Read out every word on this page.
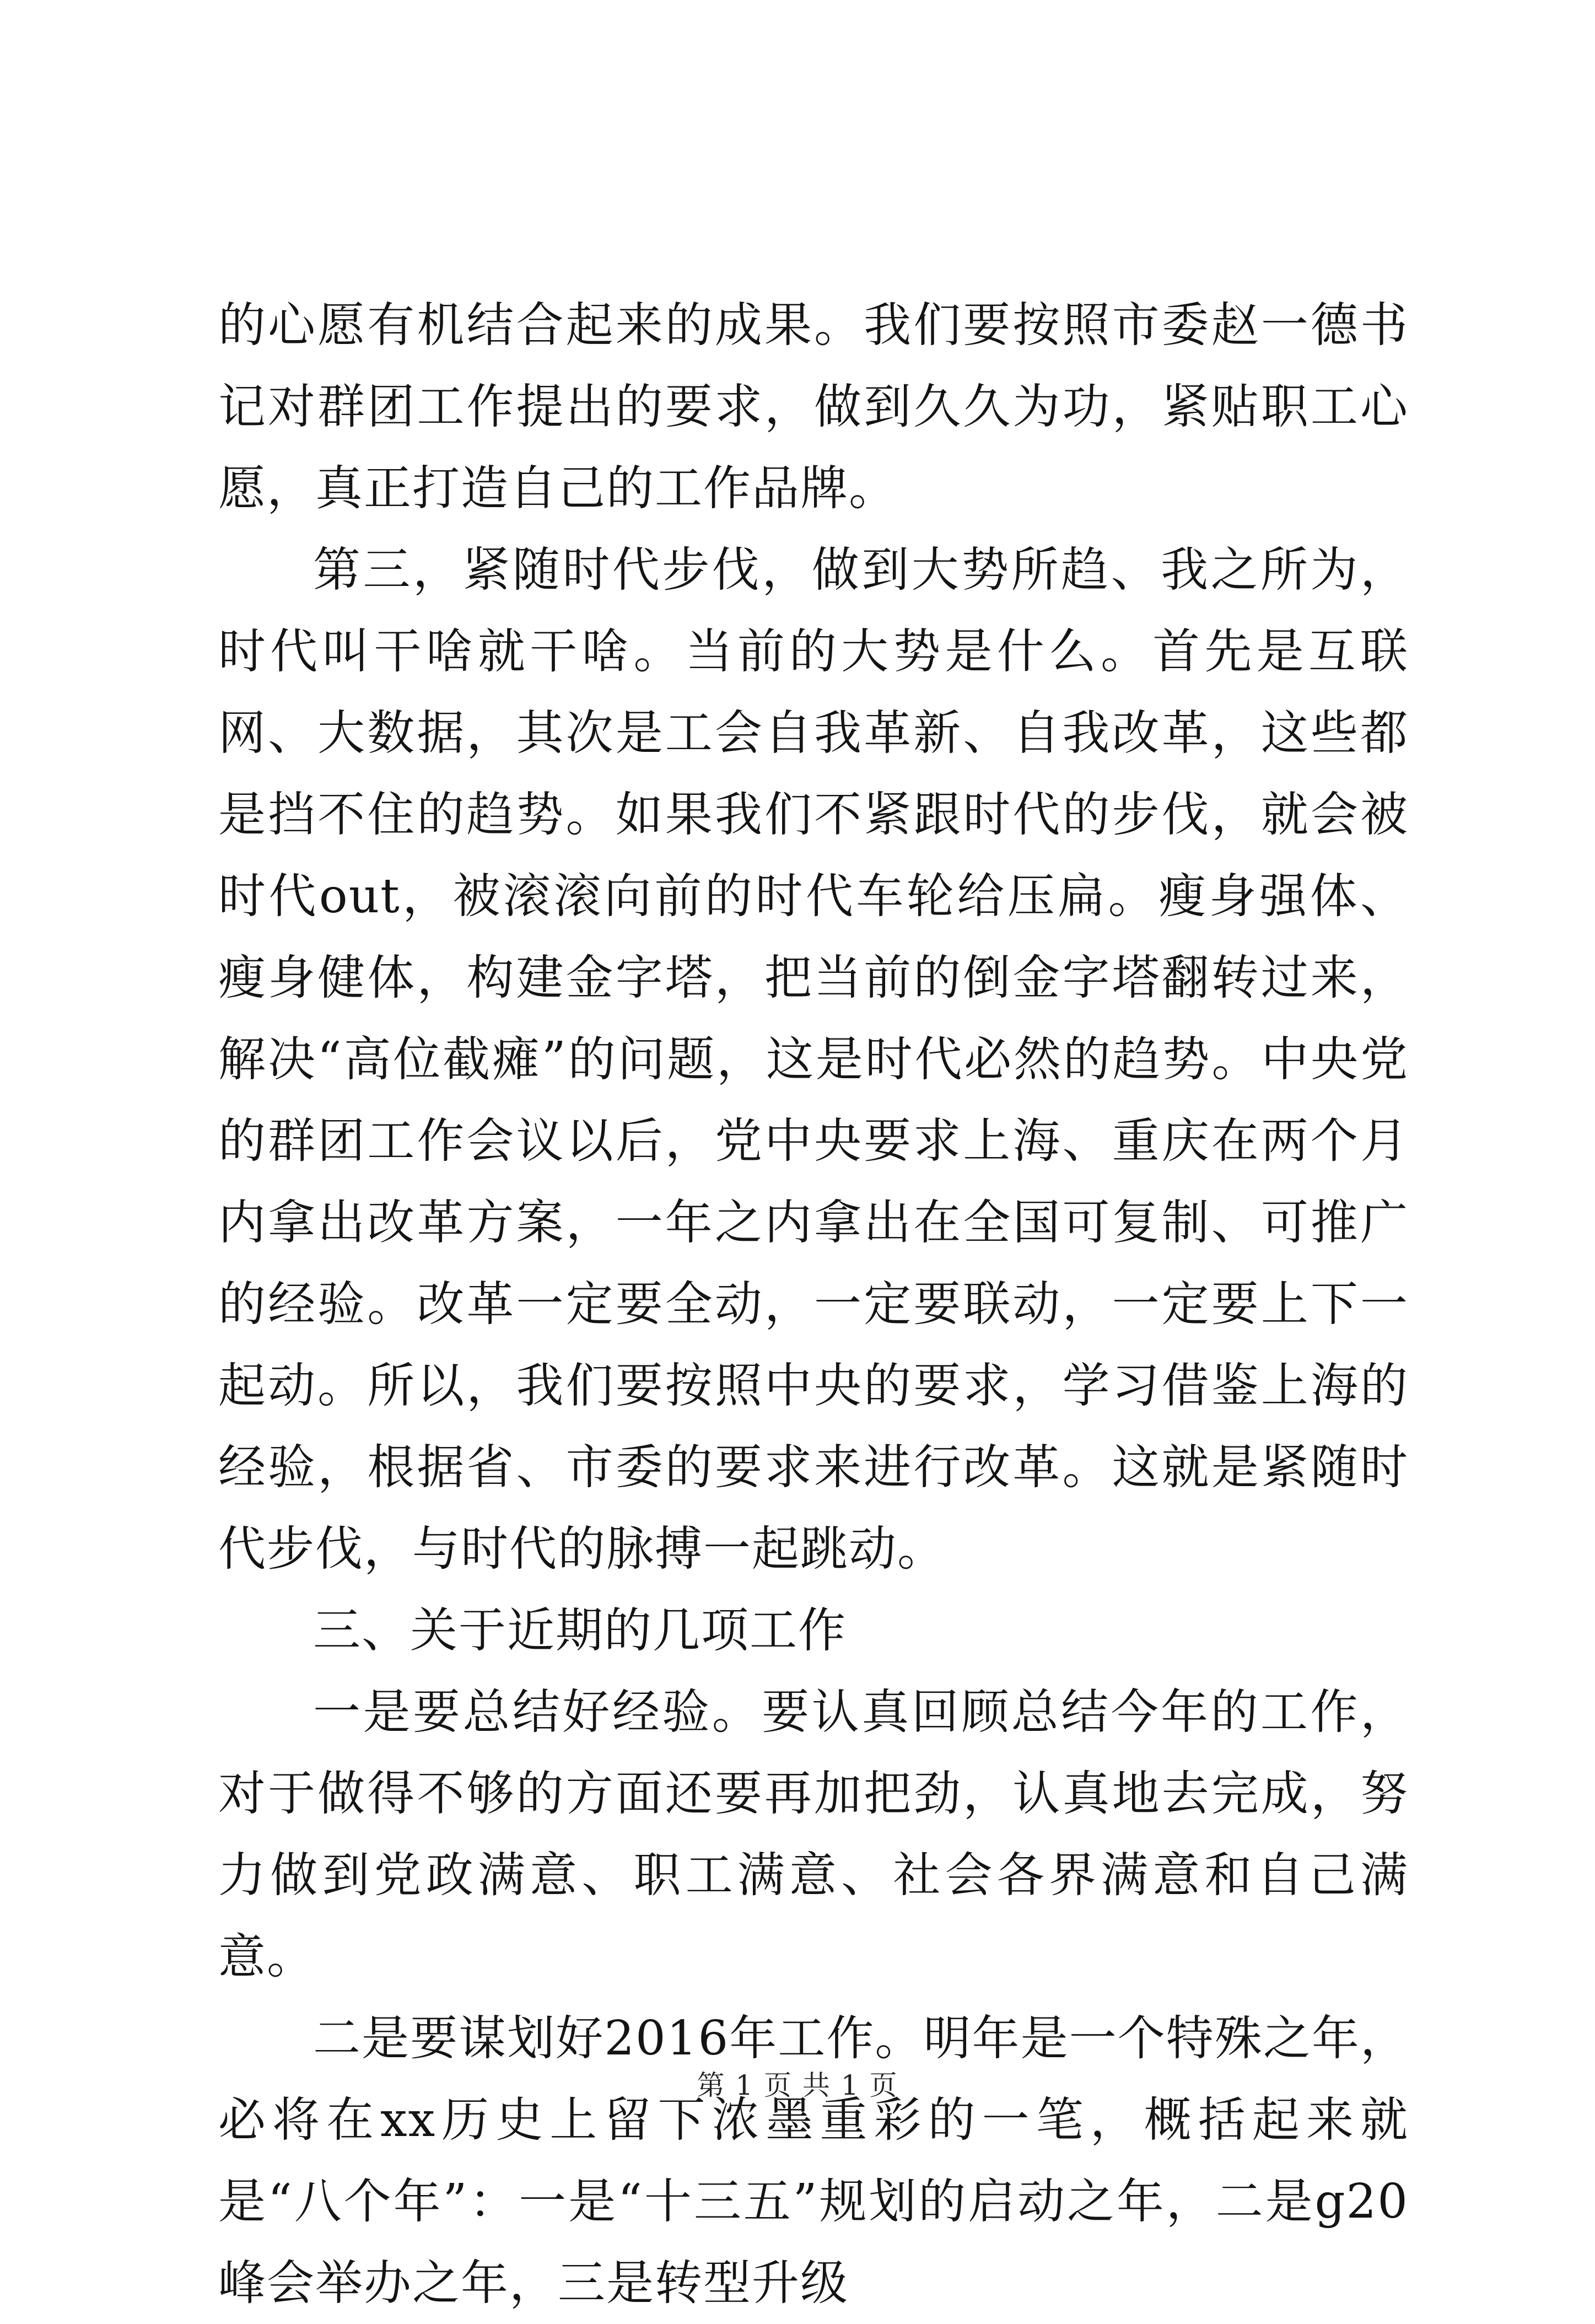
的心愿有机结合起来的成果。我们要按照市委赵一德书记对群团工作提出的要求，做到久久为功，紧贴职工心愿，真正打造自己的工作品牌。

第三，紧随时代步伐，做到大势所趋、我之所为，时代叫干啥就干啥。当前的大势是什么。首先是互联网、大数据，其次是工会自我革新、自我改革，这些都是挡不住的趋势。如果我们不紧跟时代的步伐，就会被时代out，被滚滚向前的时代车轮给压扁。瘦身强体、瘦身健体，构建金字塔，把当前的倒金字塔翻转过来，解决“高位截瘫”的问题，这是时代必然的趋势。中央党的群团工作会议以后，党中央要求上海、重庆在两个月内拿出改革方案，一年之内拿出在全国可复制、可推广的经验。改革一定要全动，一定要联动，一定要上下一起动。所以，我们要按照中央的要求，学习借鉴上海的经验，根据省、市委的要求来进行改革。这就是紧随时代步伐，与时代的脉搏一起跳动。

三、关于近期的几项工作

一是要总结好经验。要认真回顾总结今年的工作，对于做得不够的方面还要再加把劲，认真地去完成，努力做到党政满意、职工满意、社会各界满意和自己满意。

二是要谋划好2016年工作。明年是一个特殊之年，必将在xx历史上留下浓墨重彩的一笔，概括起来就是“八个年”：一是“十三五”规划的启动之年，二是g20峰会举办之年，三是转型升级

第 1 页 共 1 页
